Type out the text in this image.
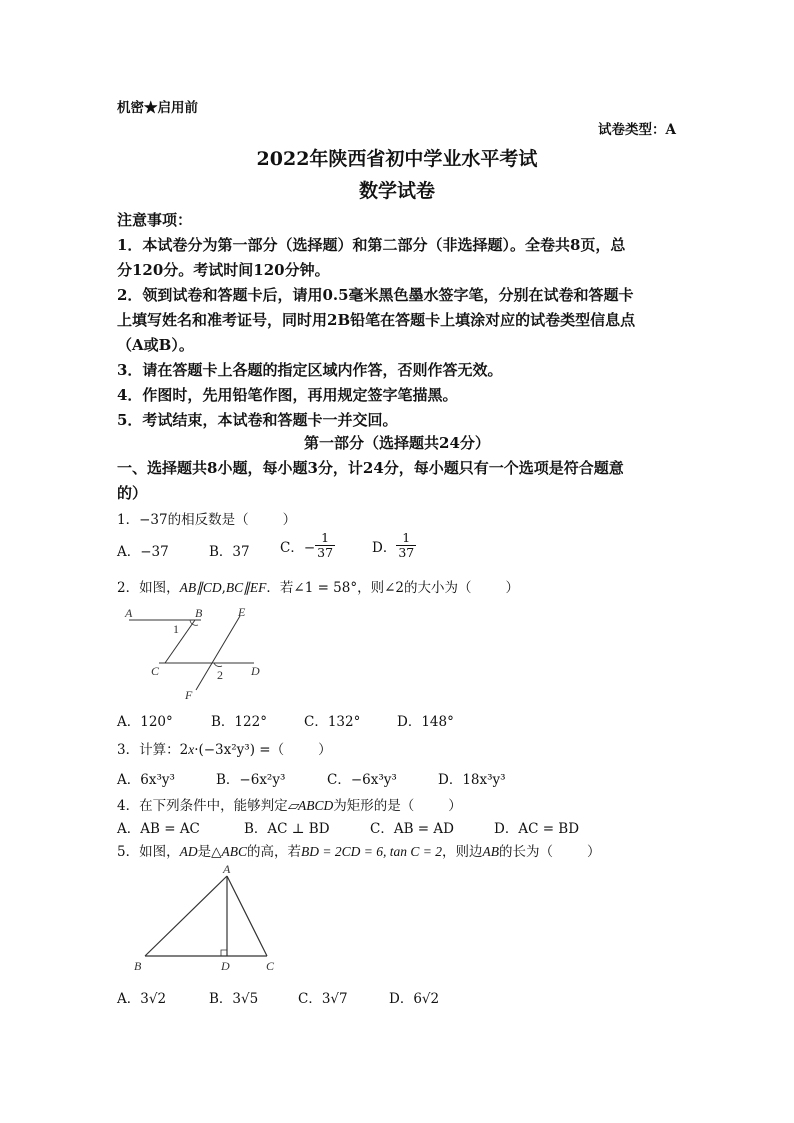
机密★启用前
试卷类型：A
2022年陕西省初中学业水平考试
数学试卷
注意事项：
1．本试卷分为第一部分（选择题）和第二部分（非选择题）。全卷共8页，总
分120分。考试时间120分钟。
2．领到试卷和答题卡后，请用0.5毫米黑色墨水签字笔，分别在试卷和答题卡
上填写姓名和准考证号，同时用2B铅笔在答题卡上填涂对应的试卷类型信息点
（A或B）。
3．请在答题卡上各题的指定区域内作答，否则作答无效。
4．作图时，先用铅笔作图，再用规定签字笔描黑。
5．考试结束，本试卷和答题卡一并交回。
第一部分（选择题共24分）
一、选择题共8小题，每小题3分，计24分，每小题只有一个选项是符合题意
的）
1．−37的相反数是（	）
A．−37	B．37 C．− $\frac{1}{37}$	D． $\frac{1}{37}$
2．如图，AB∥CD,BC∥EF．若∠1 = 58°，则∠2的大小为（	）
A	B	E
1
C	2 D
F
A．120°	B．122°	C．132°	D．148°
3．计算：2x·(−3x²y³) =（	）
A．6x³y³	B．−6x²y³	C．−6x³y³	D．18x³y³
4．在下列条件中，能够判定▱ABCD为矩形的是（	）
A．AB = AC	B．AC ⊥ BD	C．AB = AD	D．AC = BD
5．如图，AD是△ABC的高，若BD = 2CD = 6, tan C = 2，则边AB的长为（	）
A
B	D	C
A．3√2	B．3√5	C．3√7	D．6√2
